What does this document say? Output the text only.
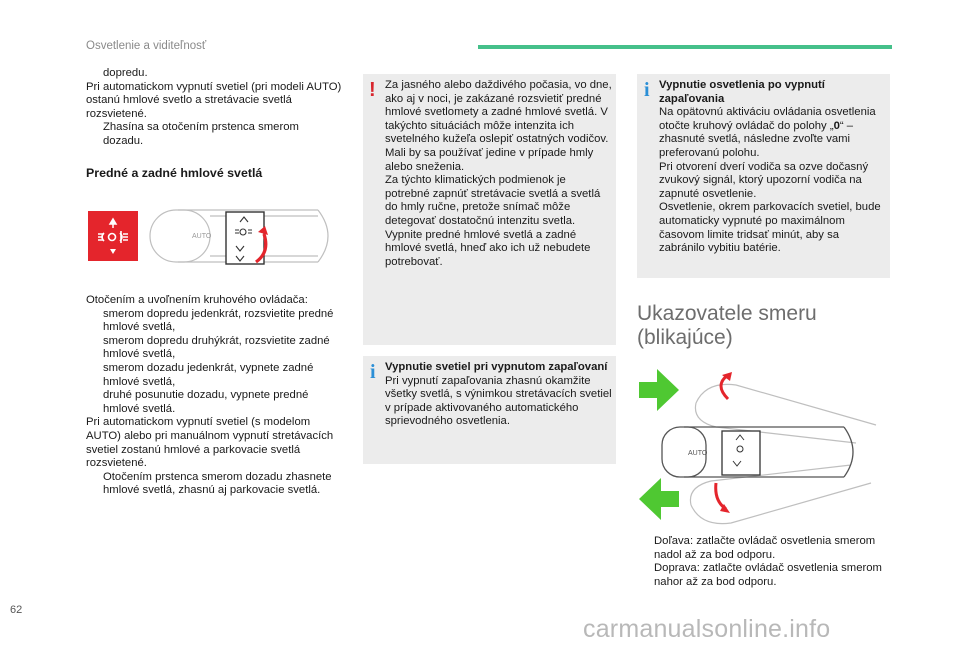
Osvetlenie a viditeľnosť

dopredu.

Pri automatickom vypnutí svetiel (pri modeli AUTO) ostanú hmlové svetlo a stretávacie svetlá rozsvietené.

Zhasína sa otočením prstenca smerom dozadu.

Predné a zadné hmlové svetlá
AUTO

Otočením a uvoľnením kruhového ovládača:

smerom dopredu jedenkrát, rozsvietite predné hmlové svetlá,

smerom dopredu druhýkrát, rozsvietite zadné hmlové svetlá,

smerom dozadu jedenkrát, vypnete zadné hmlové svetlá,

druhé posunutie dozadu, vypnete predné hmlové svetlá.

Pri automatickom vypnutí svetiel (s modelom AUTO) alebo pri manuálnom vypnutí stretávacích svetiel zostanú hmlové a parkovacie svetlá rozsvietené.

Otočením prstenca smerom dozadu zhasnete hmlové svetlá, zhasnú aj parkovacie svetlá.

! Za jasného alebo daždivého počasia, vo dne, ako aj v noci, je zakázané rozsvietiť predné hmlové svetlomety a zadné hmlové svetlá. V takýchto situáciách môže intenzita ich svetelného kužeľa oslepiť ostatných vodičov. Mali by sa používať jedine v prípade hmly alebo sneženia.
Za týchto klimatických podmienok je potrebné zapnúť stretávacie svetlá a svetlá do hmly ručne, pretože snímač môže detegovať dostatočnú intenzitu svetla.
Vypnite predné hmlové svetlá a zadné hmlové svetlá, hneď ako ich už nebudete potrebovať.
i Vypnutie svetiel pri vypnutom zapaľovaní
Pri vypnutí zapaľovania zhasnú okamžite všetky svetlá, s výnimkou stretávacích svetiel v prípade aktivovaného automatického sprievodného osvetlenia.
i Vypnutie osvetlenia po vypnutí zapaľovania
Na opätovnú aktiváciu ovládania osvetlenia otočte kruhový ovládač do polohy „0“ – zhasnuté svetlá, následne zvoľte vami preferovanú polohu.
Pri otvorení dverí vodiča sa ozve dočasný zvukový signál, ktorý upozorní vodiča na zapnuté osvetlenie.
Osvetlenie, okrem parkovacích svetiel, bude automaticky vypnuté po maximálnom časovom limite tridsať minút, aby sa zabránilo vybitiu batérie.
Ukazovatele smeru
(blikajúce)
AUTO

Doľava: zatlačte ovládač osvetlenia smerom nadol až za bod odporu.

Doprava: zatlačte ovládač osvetlenia smerom nahor až za bod odporu.

62
carmanualsonline.info
